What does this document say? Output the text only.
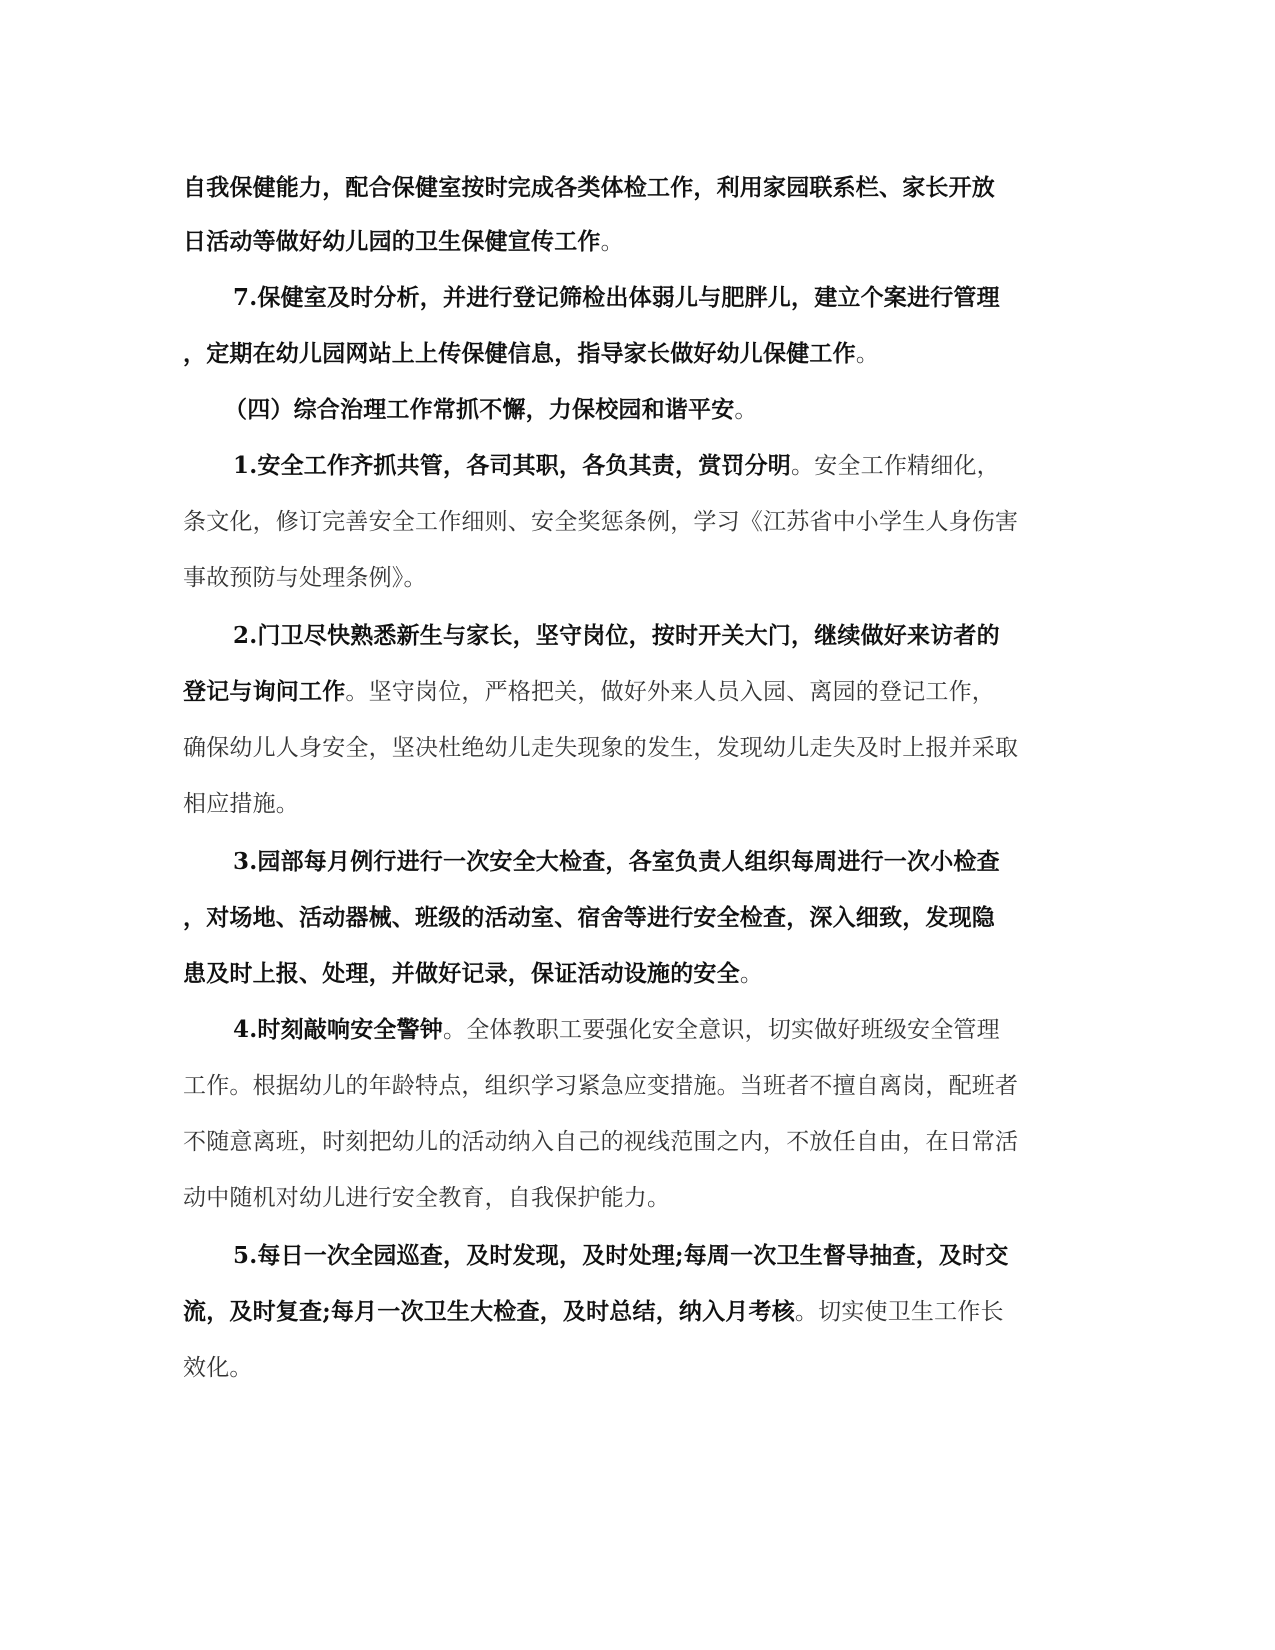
自我保健能力，配合保健室按时完成各类体检工作，利用家园联系栏、家长开放
日活动等做好幼儿园的卫生保健宣传工作。
7.保健室及时分析，并进行登记筛检出体弱儿与肥胖儿，建立个案进行管理
，定期在幼儿园网站上上传保健信息，指导家长做好幼儿保健工作。
（四）综合治理工作常抓不懈，力保校园和谐平安。
1.安全工作齐抓共管，各司其职，各负其责，赏罚分明。安全工作精细化，
条文化，修订完善安全工作细则、安全奖惩条例，学习《江苏省中小学生人身伤害
事故预防与处理条例》。
2.门卫尽快熟悉新生与家长，坚守岗位，按时开关大门，继续做好来访者的
登记与询问工作。坚守岗位，严格把关，做好外来人员入园、离园的登记工作，
确保幼儿人身安全，坚决杜绝幼儿走失现象的发生，发现幼儿走失及时上报并采取
相应措施。
3.园部每月例行进行一次安全大检查，各室负责人组织每周进行一次小检查
，对场地、活动器械、班级的活动室、宿舍等进行安全检查，深入细致，发现隐
患及时上报、处理，并做好记录，保证活动设施的安全。
4.时刻敲响安全警钟。全体教职工要强化安全意识，切实做好班级安全管理
工作。根据幼儿的年龄特点，组织学习紧急应变措施。当班者不擅自离岗，配班者
不随意离班，时刻把幼儿的活动纳入自己的视线范围之内，不放任自由，在日常活
动中随机对幼儿进行安全教育，自我保护能力。
5.每日一次全园巡查，及时发现，及时处理;每周一次卫生督导抽查，及时交
流，及时复查;每月一次卫生大检查，及时总结，纳入月考核。切实使卫生工作长
效化。
